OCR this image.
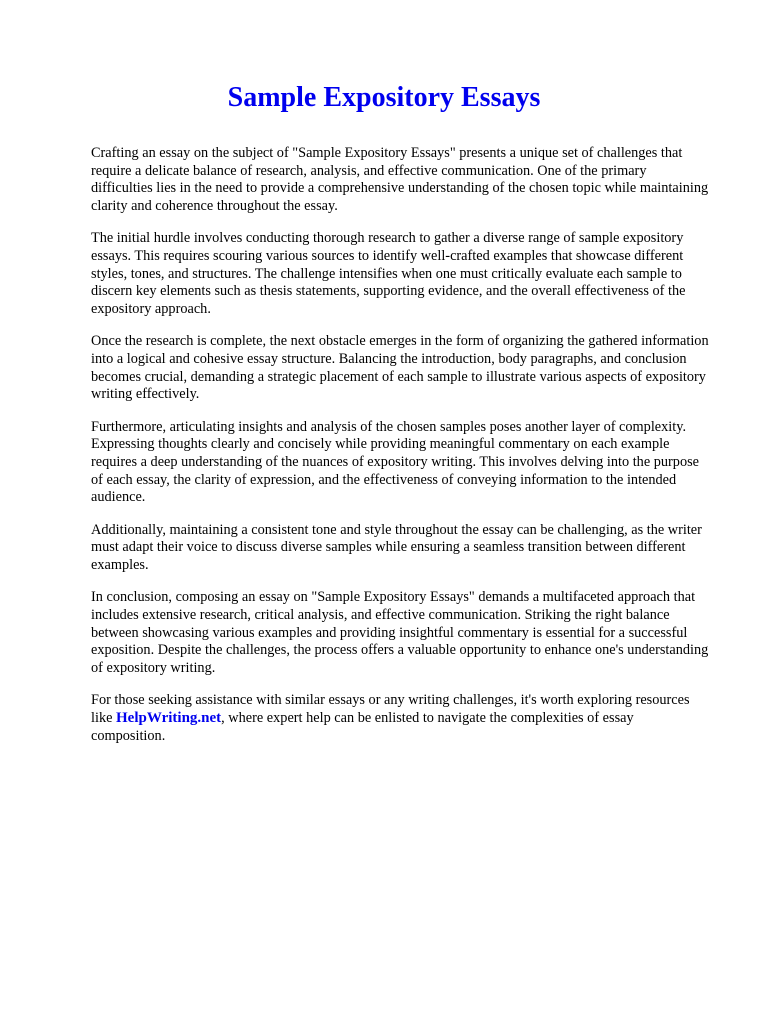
Sample Expository Essays

Crafting an essay on the subject of "Sample Expository Essays" presents a unique set of challenges that require a delicate balance of research, analysis, and effective communication. One of the primary difficulties lies in the need to provide a comprehensive understanding of the chosen topic while maintaining clarity and coherence throughout the essay.

The initial hurdle involves conducting thorough research to gather a diverse range of sample expository essays. This requires scouring various sources to identify well-crafted examples that showcase different styles, tones, and structures. The challenge intensifies when one must critically evaluate each sample to discern key elements such as thesis statements, supporting evidence, and the overall effectiveness of the expository approach.

Once the research is complete, the next obstacle emerges in the form of organizing the gathered information into a logical and cohesive essay structure. Balancing the introduction, body paragraphs, and conclusion becomes crucial, demanding a strategic placement of each sample to illustrate various aspects of expository writing effectively.

Furthermore, articulating insights and analysis of the chosen samples poses another layer of complexity. Expressing thoughts clearly and concisely while providing meaningful commentary on each example requires a deep understanding of the nuances of expository writing. This involves delving into the purpose of each essay, the clarity of expression, and the effectiveness of conveying information to the intended audience.

Additionally, maintaining a consistent tone and style throughout the essay can be challenging, as the writer must adapt their voice to discuss diverse samples while ensuring a seamless transition between different examples.

In conclusion, composing an essay on "Sample Expository Essays" demands a multifaceted approach that includes extensive research, critical analysis, and effective communication. Striking the right balance between showcasing various examples and providing insightful commentary is essential for a successful exposition. Despite the challenges, the process offers a valuable opportunity to enhance one's understanding of expository writing.

For those seeking assistance with similar essays or any writing challenges, it's worth exploring resources like HelpWriting.net, where expert help can be enlisted to navigate the complexities of essay composition.
